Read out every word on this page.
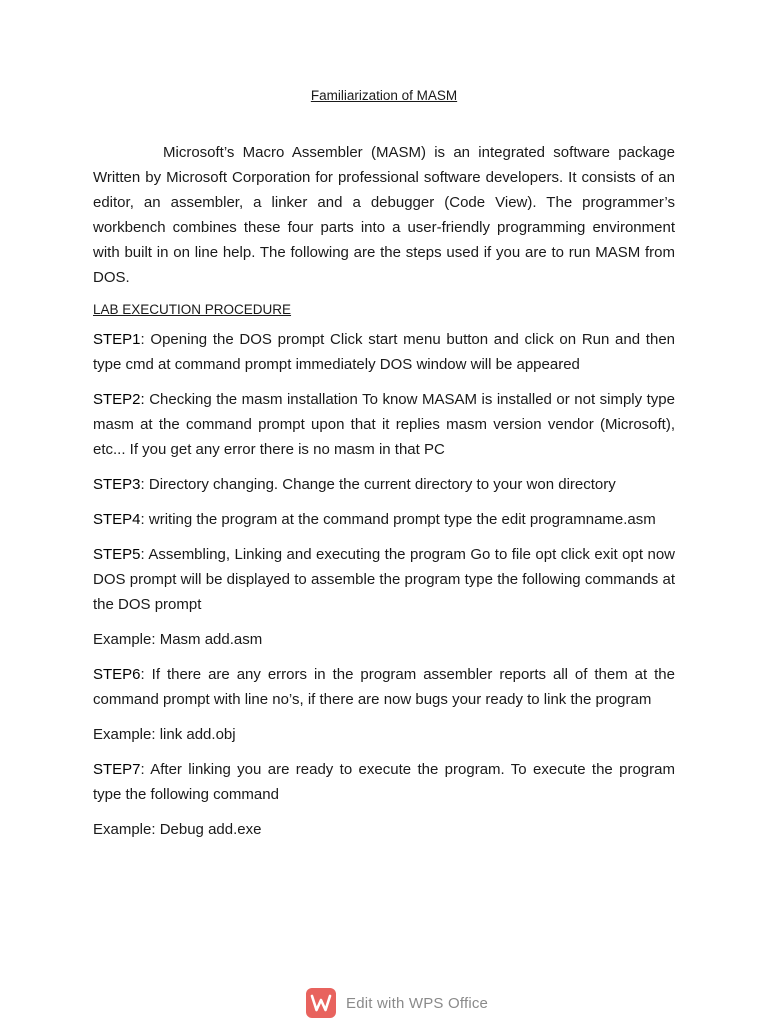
Familiarization of MASM

Microsoft’s Macro Assembler (MASM) is an integrated software package Written by Microsoft Corporation for professional software developers. It consists of an editor, an assembler, a linker and a debugger (Code View). The programmer’s workbench combines these four parts into a user-friendly programming environment with built in on line help. The following are the steps used if you are to run MASM from DOS.

LAB EXECUTION PROCEDURE

STEP1: Opening the DOS prompt Click start menu button and click on Run and then type cmd at command prompt immediately DOS window will be appeared

STEP2: Checking the masm installation To know MASAM is installed or not simply type masm at the command prompt upon that it replies masm version vendor (Microsoft), etc... If you get any error there is no masm in that PC

STEP3: Directory changing. Change the current directory to your won directory

STEP4: writing the program at the command prompt type the edit programname.asm

STEP5: Assembling, Linking and executing the program Go to file opt click exit opt now DOS prompt will be displayed to assemble the program type the following commands at the DOS prompt

Example: Masm add.asm

STEP6: If there are any errors in the program assembler reports all of them at the command prompt with line no’s, if there are now bugs your ready to link the program

Example: link add.obj

STEP7: After linking you are ready to execute the program. To execute the program type the following command

Example: Debug add.exe

Edit with WPS Office
